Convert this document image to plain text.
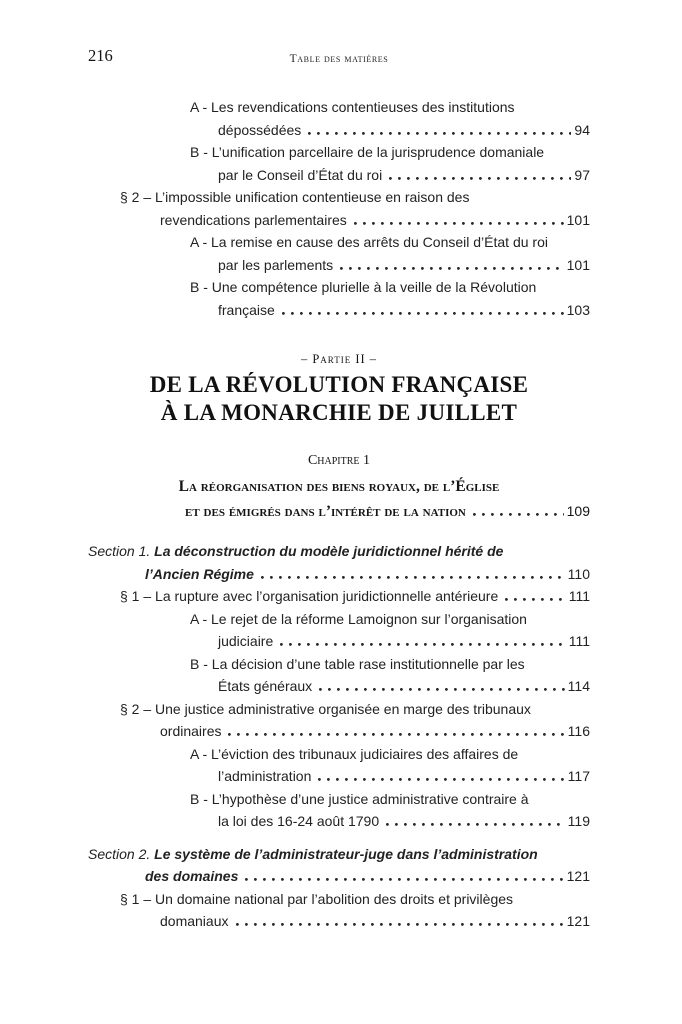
216	Table des matières
A - Les revendications contentieuses des institutions
dépossédées	94
B - L’unification parcellaire de la jurisprudence domaniale
par le Conseil d’État du roi	97
§ 2 – L’impossible unification contentieuse en raison des
revendications parlementaires	101
A - La remise en cause des arrêts du Conseil d’État du roi
par les parlements	101
B - Une compétence plurielle à la veille de la Révolution
française	103
– Partie II –
DE LA RÉVOLUTION FRANÇAISE
À LA MONARCHIE DE JUILLET
Chapitre 1
La réorganisation des biens royaux, de l’Église
et des émigrés dans l’intérêt de la nation	109
Section 1. La déconstruction du modèle juridictionnel hérité de
l’Ancien Régime	110
§ 1 – La rupture avec l’organisation juridictionnelle antérieure	111
A - Le rejet de la réforme Lamoignon sur l’organisation
judiciaire	111
B - La décision d’une table rase institutionnelle par les
États généraux	114
§ 2 – Une justice administrative organisée en marge des tribunaux
ordinaires	116
A - L’éviction des tribunaux judiciaires des affaires de
l’administration	117
B - L’hypothèse d’une justice administrative contraire à
la loi des 16-24 août 1790	119
Section 2. Le système de l’administrateur-juge dans l’administration
des domaines	121
§ 1 – Un domaine national par l’abolition des droits et privilèges
domaniaux	121
